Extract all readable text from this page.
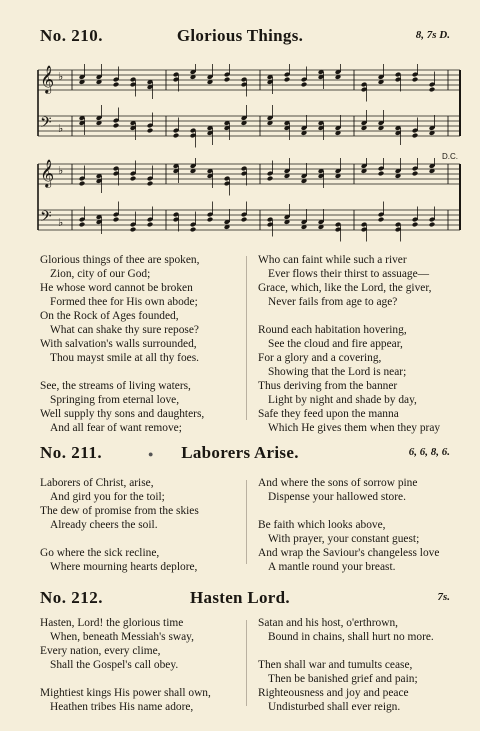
No. 210.	Glorious Things.	8, 7s D.
𝄞 ♭
𝄢 ♭
𝄞 ♭
𝄢 ♭
D.C.
Glorious things of thee are spoken,
Zion, city of our God;
He whose word cannot be broken
Formed thee for His own abode;
On the Rock of Ages founded,
What can shake thy sure repose?
With salvation's walls surrounded,
Thou mayst smile at all thy foes.
See, the streams of living waters,
Springing from eternal love,
Well supply thy sons and daughters,
And all fear of want remove;
Who can faint while such a river
Ever flows their thirst to assuage—
Grace, which, like the Lord, the giver,
Never fails from age to age?
Round each habitation hovering,
See the cloud and fire appear,
For a glory and a covering,
Showing that the Lord is near;
Thus deriving from the banner
Light by night and shade by day,
Safe they feed upon the manna
Which He gives them when they pray
No. 211.	●	Laborers Arise.	6, 6, 8, 6.
Laborers of Christ, arise,
And gird you for the toil;
The dew of promise from the skies
Already cheers the soil.
Go where the sick recline,
Where mourning hearts deplore,
And where the sons of sorrow pine
Dispense your hallowed store.
Be faith which looks above,
With prayer, your constant guest;
And wrap the Saviour's changeless love
A mantle round your breast.
No. 212.	Hasten Lord.	7s.
Hasten, Lord! the glorious time
When, beneath Messiah's sway,
Every nation, every clime,
Shall the Gospel's call obey.
Mightiest kings His power shall own,
Heathen tribes His name adore,
Satan and his host, o'erthrown,
Bound in chains, shall hurt no more.
Then shall war and tumults cease,
Then be banished grief and pain;
Righteousness and joy and peace
Undisturbed shall ever reign.
